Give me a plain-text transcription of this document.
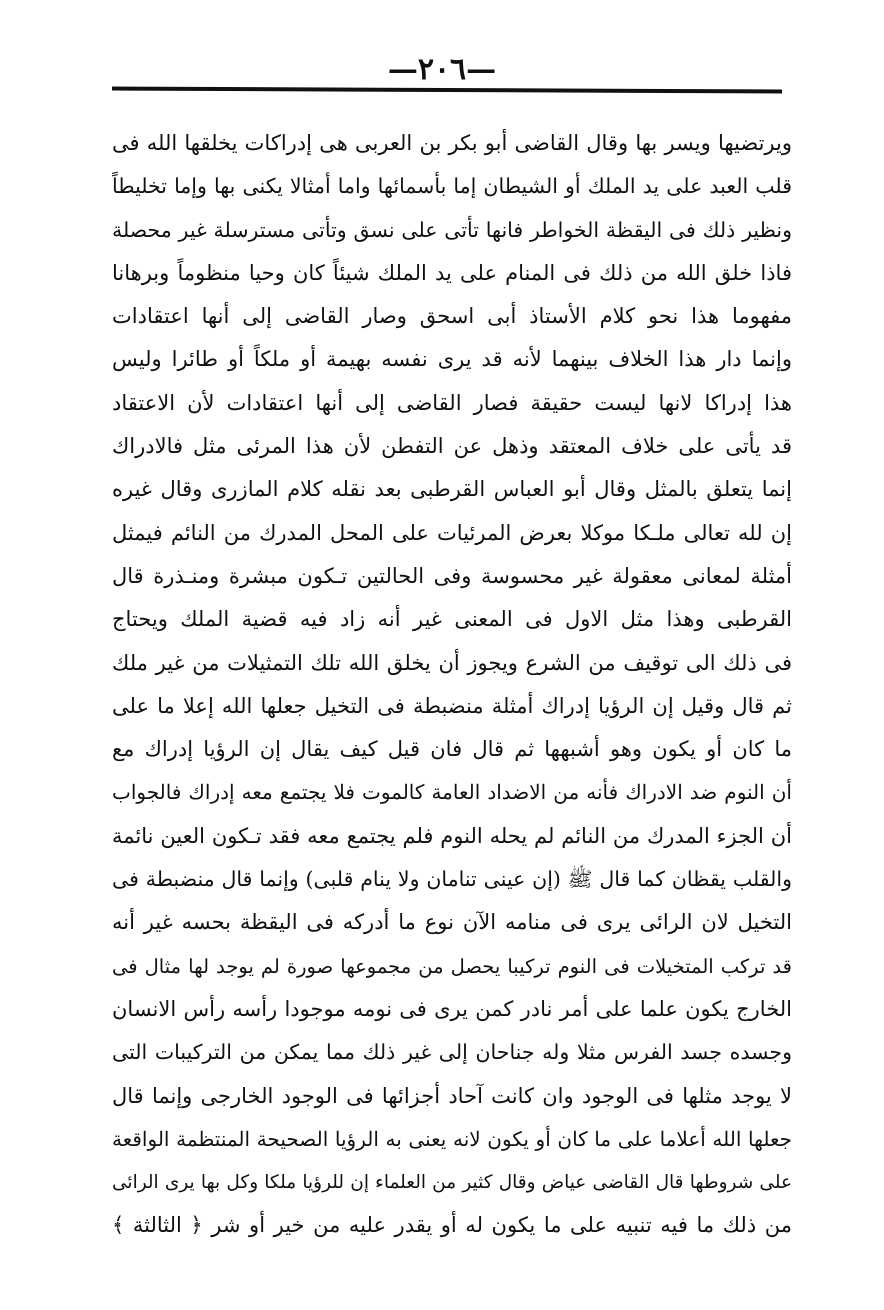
—٢٠٦—
ويرتضيها ويسر بها وقال القاضى أبو بكر بن العربى هى إدراكات يخلقها الله فى
قلب العبد على يد الملك أو الشيطان إما بأسمائها واما أمثالا يكنى بها وإما تخليطاً
ونظير ذلك فى اليقظة الخواطر فانها تأتى على نسق وتأتى مسترسلة غير محصلة
فاذا خلق الله من ذلك فى المنام على يد الملك شيئاً كان وحيا منظوماً وبرهانا
مفهوما هذا نحو كلام الأستاذ أبى اسحق وصار القاضى إلى أنها اعتقادات
وإنما دار هذا الخلاف بينهما لأنه قد يرى نفسه بهيمة أو ملكاً أو طائرا وليس
هذا إدراكا لانها ليست حقيقة فصار القاضى إلى أنها اعتقادات لأن الاعتقاد
قد يأتى على خلاف المعتقد وذهل عن التفطن لأن هذا المرئى مثل فالادراك
إنما يتعلق بالمثل وقال أبو العباس القرطبى بعد نقله كلام المازرى وقال غيره
إن لله تعالى ملـكا موكلا بعرض المرئيات على المحل المدرك من النائم فيمثل
أمثلة لمعانى معقولة غير محسوسة وفى الحالتين تـكون مبشرة ومنـذرة قال
القرطبى وهذا مثل الاول فى المعنى غير أنه زاد فيه قضية الملك ويحتاج
فى ذلك الى توقيف من الشرع ويجوز أن يخلق الله تلك التمثيلات من غير ملك
ثم قال وقيل إن الرؤيا إدراك أمثلة منضبطة فى التخيل جعلها الله إعلا ما على
ما كان أو يكون وهو أشبهها ثم قال فان قيل كيف يقال إن الرؤيا إدراك مع
أن النوم ضد الادراك فأنه من الاضداد العامة كالموت فلا يجتمع معه إدراك فالجواب
أن الجزء المدرك من النائم لم يحله النوم فلم يجتمع معه فقد تـكون العين نائمة
والقلب يقظان كما قال ﷺ (إن عينى تنامان ولا ينام قلبى) وإنما قال منضبطة فى
التخيل لان الرائى يرى فى منامه الآن نوع ما أدركه فى اليقظة بحسه غير أنه
قد تركب المتخيلات فى النوم تركيبا يحصل من مجموعها صورة لم يوجد لها مثال فى
الخارج يكون علما على أمر نادر كمن يرى فى نومه موجودا رأسه رأس الانسان
وجسده جسد الفرس مثلا وله جناحان إلى غير ذلك مما يمكن من التركيبات التى
لا يوجد مثلها فى الوجود وان كانت آحاد أجزائها فى الوجود الخارجى وإنما قال
جعلها الله أعلاما على ما كان أو يكون لانه يعنى به الرؤيا الصحيحة المنتظمة الواقعة
على شروطها قال القاضى عياض وقال كثير من العلماء إن للرؤيا ملكا وكل بها يرى الرائى
من ذلك ما فيه تنبيه على ما يكون له أو يقدر عليه من خير أو شر ﴿ الثالثة ﴾
